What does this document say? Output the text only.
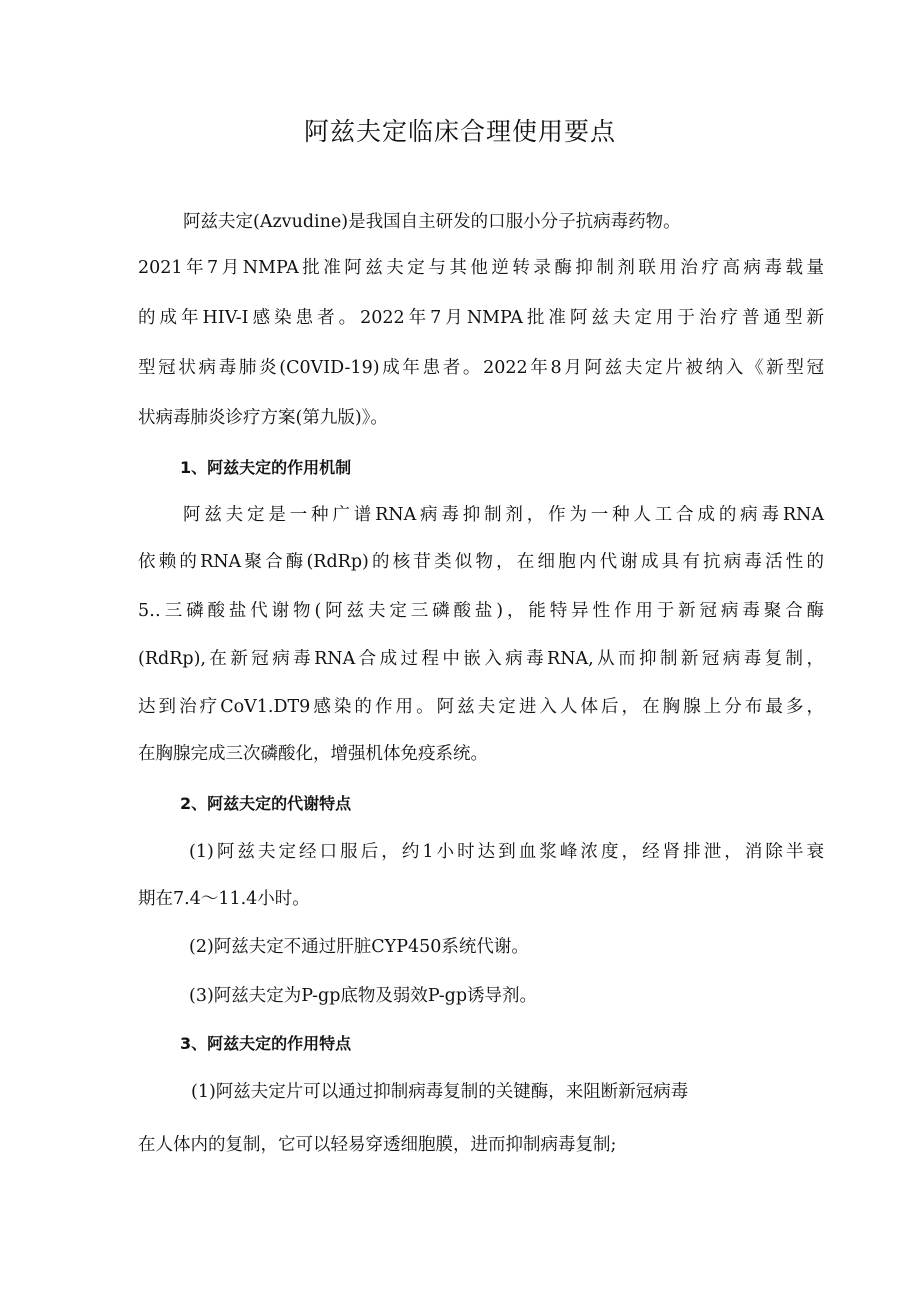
阿兹夫定临床合理使用要点

阿兹夫定(Azvudine)是我国自主研发的口服小分子抗病毒药物。

2021年7月NMPA批准阿兹夫定与其他逆转录酶抑制剂联用治疗高病毒载量

的成年HIV-I感染患者。2022年7月NMPA批准阿兹夫定用于治疗普通型新

型冠状病毒肺炎(C0VID-19)成年患者。2022年8月阿兹夫定片被纳入《新型冠

状病毒肺炎诊疗方案(第九版)》。

1、阿兹夫定的作用机制

阿兹夫定是一种广谱RNA病毒抑制剂，作为一种人工合成的病毒RNA

依赖的RNA聚合酶(RdRp)的核苷类似物，在细胞内代谢成具有抗病毒活性的

5‥三磷酸盐代谢物(阿兹夫定三磷酸盐)，能特异性作用于新冠病毒聚合酶

(RdRp),在新冠病毒RNA合成过程中嵌入病毒RNA,从而抑制新冠病毒复制，

达到治疗CoV1.DT9感染的作用。阿兹夫定进入人体后，在胸腺上分布最多，

在胸腺完成三次磷酸化，增强机体免疫系统。

2、阿兹夫定的代谢特点

(1)阿兹夫定经口服后，约1小时达到血浆峰浓度，经肾排泄，消除半衰

期在7.4～11.4小时。

(2)阿兹夫定不通过肝脏CYP450系统代谢。

(3)阿兹夫定为P-gp底物及弱效P-gp诱导剂。

3、阿兹夫定的作用特点

(1)阿兹夫定片可以通过抑制病毒复制的关键酶，来阻断新冠病毒

在人体内的复制，它可以轻易穿透细胞膜，进而抑制病毒复制;
